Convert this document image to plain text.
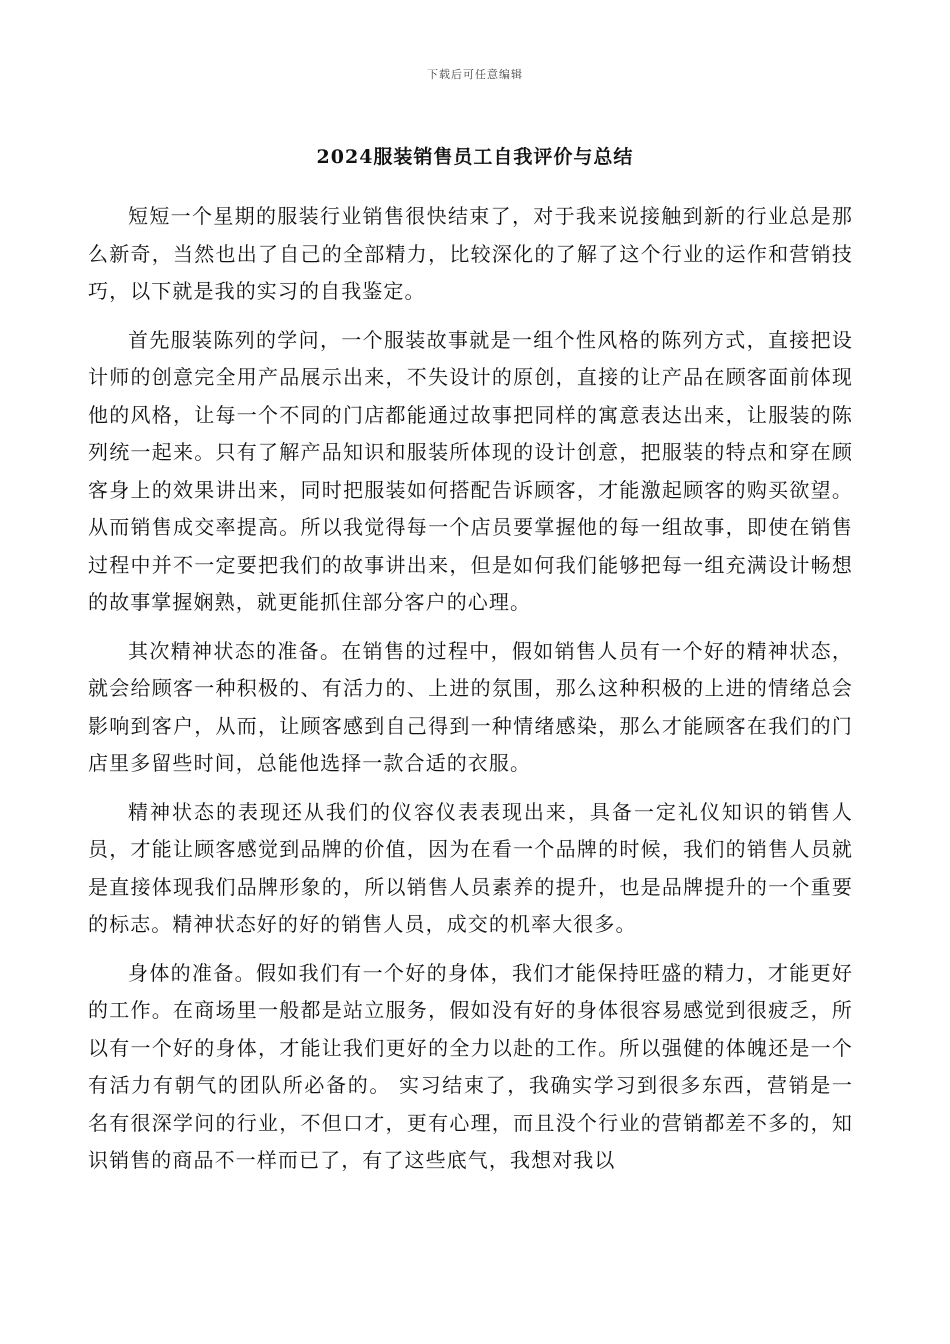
下载后可任意编辑
2024服装销售员工自我评价与总结

短短一个星期的服装行业销售很快结束了，对于我来说接触到新的行业总是那么新奇，当然也出了自己的全部精力，比较深化的了解了这个行业的运作和营销技巧，以下就是我的实习的自我鉴定。

首先服装陈列的学问，一个服装故事就是一组个性风格的陈列方式，直接把设计师的创意完全用产品展示出来，不失设计的原创，直接的让产品在顾客面前体现他的风格，让每一个不同的门店都能通过故事把同样的寓意表达出来，让服装的陈列统一起来。只有了解产品知识和服装所体现的设计创意，把服装的特点和穿在顾客身上的效果讲出来，同时把服装如何搭配告诉顾客，才能激起顾客的购买欲望。从而销售成交率提高。所以我觉得每一个店员要掌握他的每一组故事，即使在销售过程中并不一定要把我们的故事讲出来，但是如何我们能够把每一组充满设计畅想的故事掌握娴熟，就更能抓住部分客户的心理。

其次精神状态的准备。在销售的过程中，假如销售人员有一个好的精神状态，就会给顾客一种积极的、有活力的、上进的氛围，那么这种积极的上进的情绪总会影响到客户，从而，让顾客感到自己得到一种情绪感染，那么才能顾客在我们的门店里多留些时间，总能他选择一款合适的衣服。

精神状态的表现还从我们的仪容仪表表现出来，具备一定礼仪知识的销售人员，才能让顾客感觉到品牌的价值，因为在看一个品牌的时候，我们的销售人员就是直接体现我们品牌形象的，所以销售人员素养的提升，也是品牌提升的一个重要的标志。精神状态好的好的销售人员，成交的机率大很多。

身体的准备。假如我们有一个好的身体，我们才能保持旺盛的精力，才能更好的工作。在商场里一般都是站立服务，假如没有好的身体很容易感觉到很疲乏，所以有一个好的身体，才能让我们更好的全力以赴的工作。所以强健的体魄还是一个有活力有朝气的团队所必备的。 实习结束了，我确实学习到很多东西，营销是一名有很深学问的行业，不但口才，更有心理，而且没个行业的营销都差不多的，知识销售的商品不一样而已了，有了这些底气，我想对我以
